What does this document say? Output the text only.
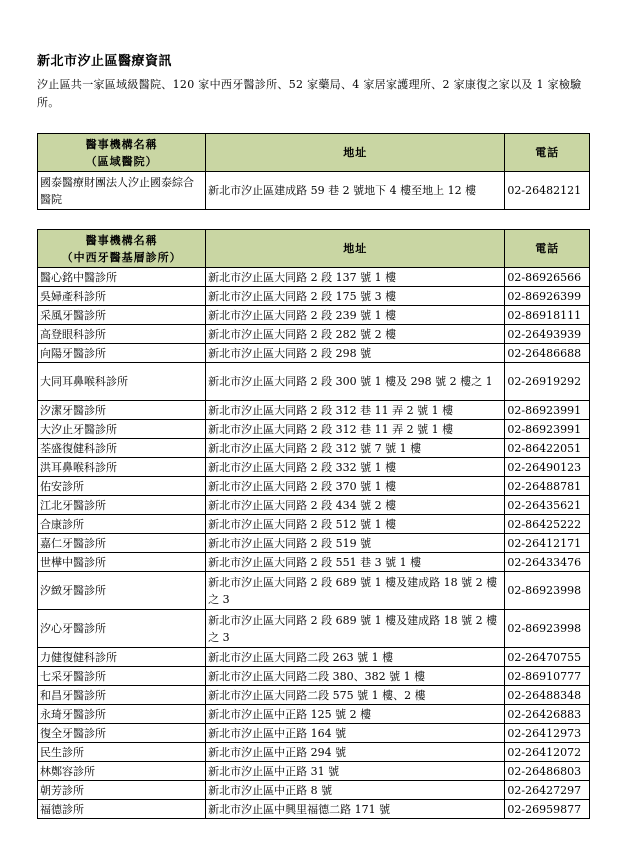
新北市汐止區醫療資訊
汐止區共一家區域級醫院、120 家中西牙醫診所、52 家藥局、4 家居家護理所、2 家康復之家以及 1 家檢驗所。
醫事機構名稱
（區域醫院）	地址	電話
國泰醫療財團法人汐止國泰綜合醫院	新北市汐止區建成路 59 巷 2 號地下 4 樓至地上 12 樓	02-26482121
醫事機構名稱
（中西牙醫基層診所）	地址	電話
醫心銘中醫診所	新北市汐止區大同路 2 段 137 號 1 樓	02-86926566
吳婦產科診所	新北市汐止區大同路 2 段 175 號 3 樓	02-86926399
采風牙醫診所	新北市汐止區大同路 2 段 239 號 1 樓	02-86918111
高登眼科診所	新北市汐止區大同路 2 段 282 號 2 樓	02-26493939
向陽牙醫診所	新北市汐止區大同路 2 段 298 號	02-26486688
大同耳鼻喉科診所	新北市汐止區大同路 2 段 300 號 1 樓及 298 號 2 樓之 1	02-26919292
汐潔牙醫診所	新北市汐止區大同路 2 段 312 巷 11 弄 2 號 1 樓	02-86923991
大汐止牙醫診所	新北市汐止區大同路 2 段 312 巷 11 弄 2 號 1 樓	02-86923991
荃盛復健科診所	新北市汐止區大同路 2 段 312 號 7 號 1 樓	02-86422051
洪耳鼻喉科診所	新北市汐止區大同路 2 段 332 號 1 樓	02-26490123
佑安診所	新北市汐止區大同路 2 段 370 號 1 樓	02-26488781
江北牙醫診所	新北市汐止區大同路 2 段 434 號 2 樓	02-26435621
合康診所	新北市汐止區大同路 2 段 512 號 1 樓	02-86425222
嘉仁牙醫診所	新北市汐止區大同路 2 段 519 號	02-26412171
世樺中醫診所	新北市汐止區大同路 2 段 551 巷 3 號 1 樓	02-26433476
汐緻牙醫診所	新北市汐止區大同路 2 段 689 號 1 樓及建成路 18 號 2 樓之 3	02-86923998
汐心牙醫診所	新北市汐止區大同路 2 段 689 號 1 樓及建成路 18 號 2 樓之 3	02-86923998
力健復健科診所	新北市汐止區大同路二段 263 號 1 樓	02-26470755
七采牙醫診所	新北市汐止區大同路二段 380、382 號 1 樓	02-86910777
和昌牙醫診所	新北市汐止區大同路二段 575 號 1 樓、2 樓	02-26488348
永琦牙醫診所	新北市汐止區中正路 125 號 2 樓	02-26426883
復全牙醫診所	新北市汐止區中正路 164 號	02-26412973
民生診所	新北市汐止區中正路 294 號	02-26412072
林鄭容診所	新北市汐止區中正路 31 號	02-26486803
朝芳診所	新北市汐止區中正路 8 號	02-26427297
福德診所	新北市汐止區中興里福德二路 171 號	02-26959877
